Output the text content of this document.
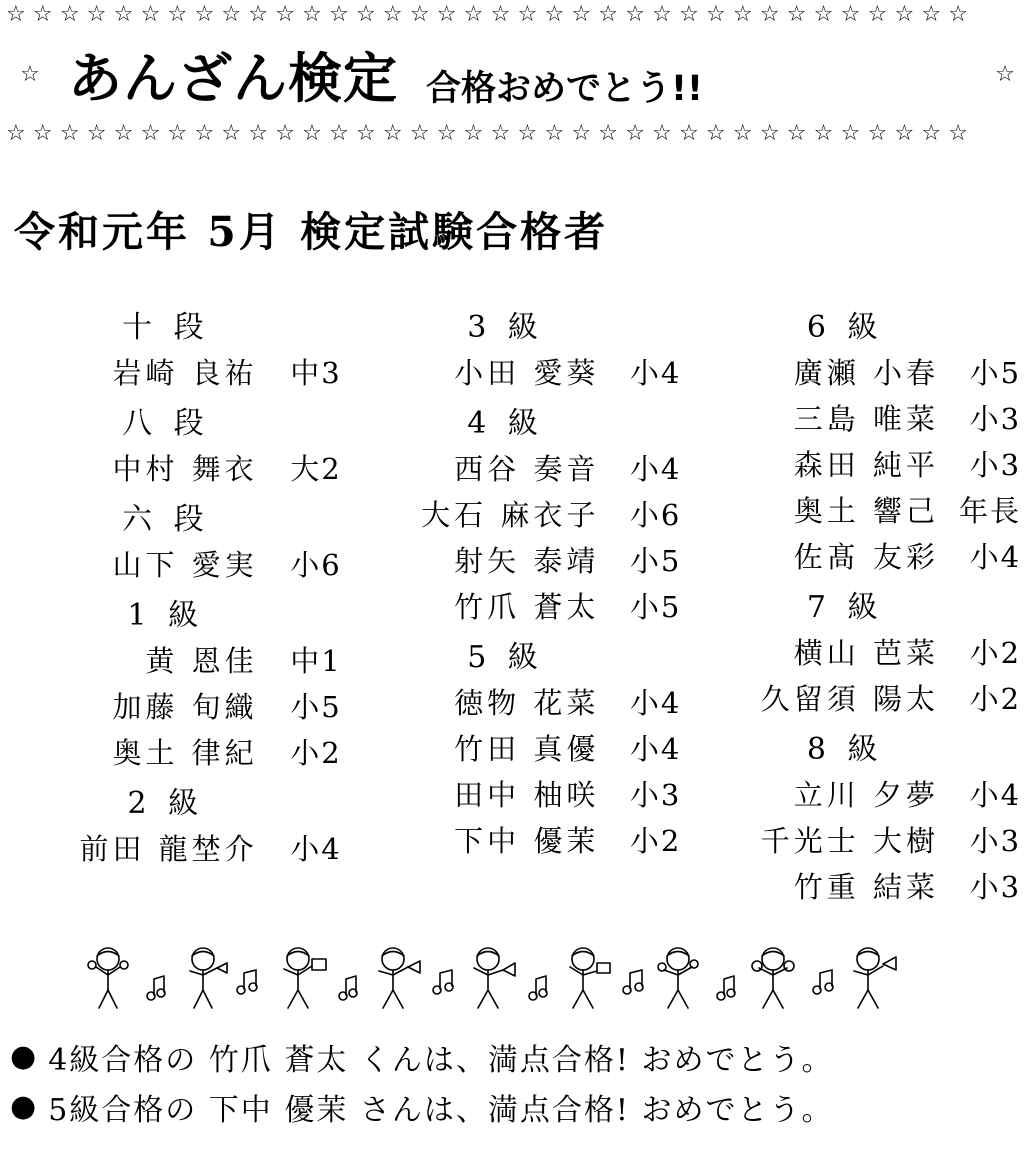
☆☆☆☆☆☆☆☆☆☆☆☆☆☆☆☆☆☆☆☆☆☆☆☆☆☆☆☆☆☆☆☆☆☆☆☆
☆ あんざん検定 合格おめでとう!!	☆
☆☆☆☆☆☆☆☆☆☆☆☆☆☆☆☆☆☆☆☆☆☆☆☆☆☆☆☆☆☆☆☆☆☆☆☆
令和元年 5月 検定試験合格者
十 段
岩崎 良祐	中3
八 段
中村 舞衣	大2
六 段
山下 愛実	小6
1 級
黄 恩佳	中1
加藤 旬織	小5
奥土 律紀	小2
2 級
前田 龍埜介	小4
3 級
小田 愛葵	小4
4 級
西谷 奏音	小4
大石 麻衣子	小6
射矢 泰靖	小5
竹爪 蒼太	小5
5 級
徳物 花菜	小4
竹田 真優	小4
田中 柚咲	小3
下中 優茉	小2
6 級
廣瀬 小春	小5
三島 唯菜	小3
森田 純平	小3
奥土 響己 年長
佐髙 友彩	小4
7 級
横山 芭菜	小2
久留須 陽太	小2
8 級
立川 夕夢	小4
千光士 大樹	小3
竹重 結菜	小3
● 4級合格の 竹爪 蒼太 くんは、満点合格! おめでとう。
● 5級合格の 下中 優茉 さんは、満点合格! おめでとう。
